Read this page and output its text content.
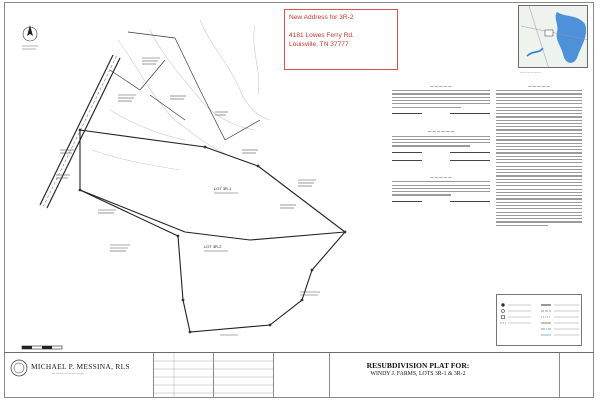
LOT 3R-1
LOT 3R-2
New Address for 3R-2
4181 Lowes Ferry Rd.
Louisville, TN 37777
— — — — — —
— — — — —
— — — — — —
— — — — —
— — — — —
MICHAEL P. MESSINA, RLS
— — — — — — — —
RESUBDIVISION PLAT FOR:
WINDY J. FARMS, LOTS 3R-1 & 3R-2
